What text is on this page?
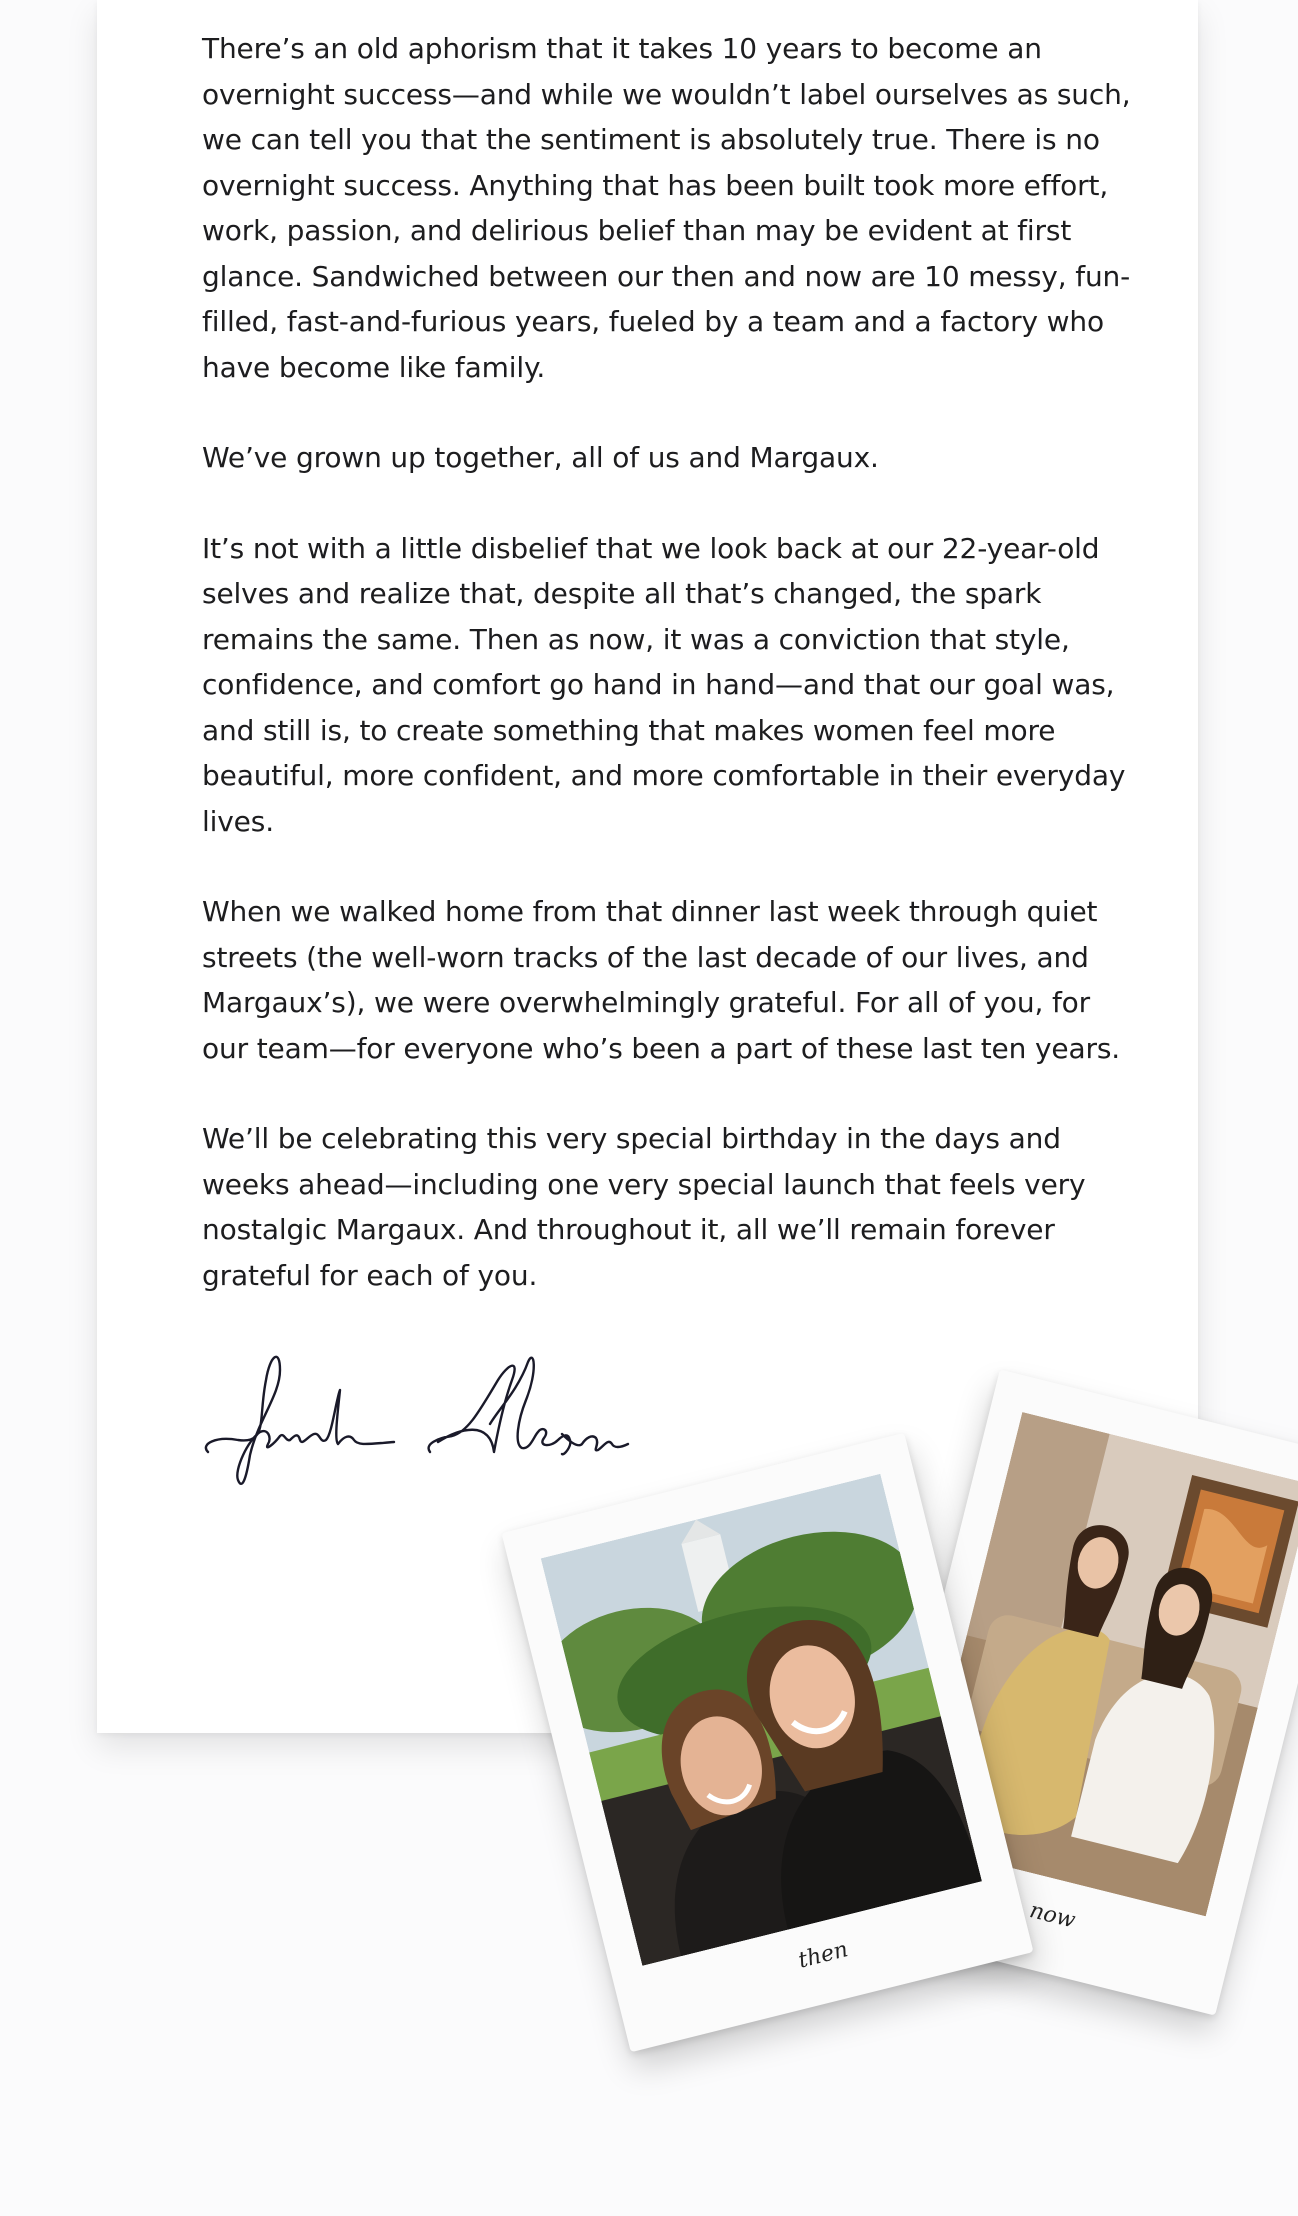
There’s an old aphorism that it takes 10 years to become an overnight success—and while we wouldn’t label ourselves as such, we can tell you that the sentiment is absolutely true. There is no overnight success. Anything that has been built took more effort, work, passion, and delirious belief than may be evident at first glance. Sandwiched between our then and now are 10 messy, fun-filled, fast-and-furious years, fueled by a team and a factory who have become like family.

We’ve grown up together, all of us and Margaux.

It’s not with a little disbelief that we look back at our 22-year-old selves and realize that, despite all that’s changed, the spark remains the same. Then as now, it was a conviction that style, confidence, and comfort go hand in hand—and that our goal was, and still is, to create something that makes women feel more beautiful, more confident, and more comfortable in their everyday lives.

When we walked home from that dinner last week through quiet streets (the well-worn tracks of the last decade of our lives, and Margaux’s), we were overwhelmingly grateful. For all of you, for our team—for everyone who’s been a part of these last ten years.

We’ll be celebrating this very special birthday in the days and weeks ahead—including one very special launch that feels very nostalgic Margaux. And throughout it, all we’ll remain forever grateful for each of you.

now
then
